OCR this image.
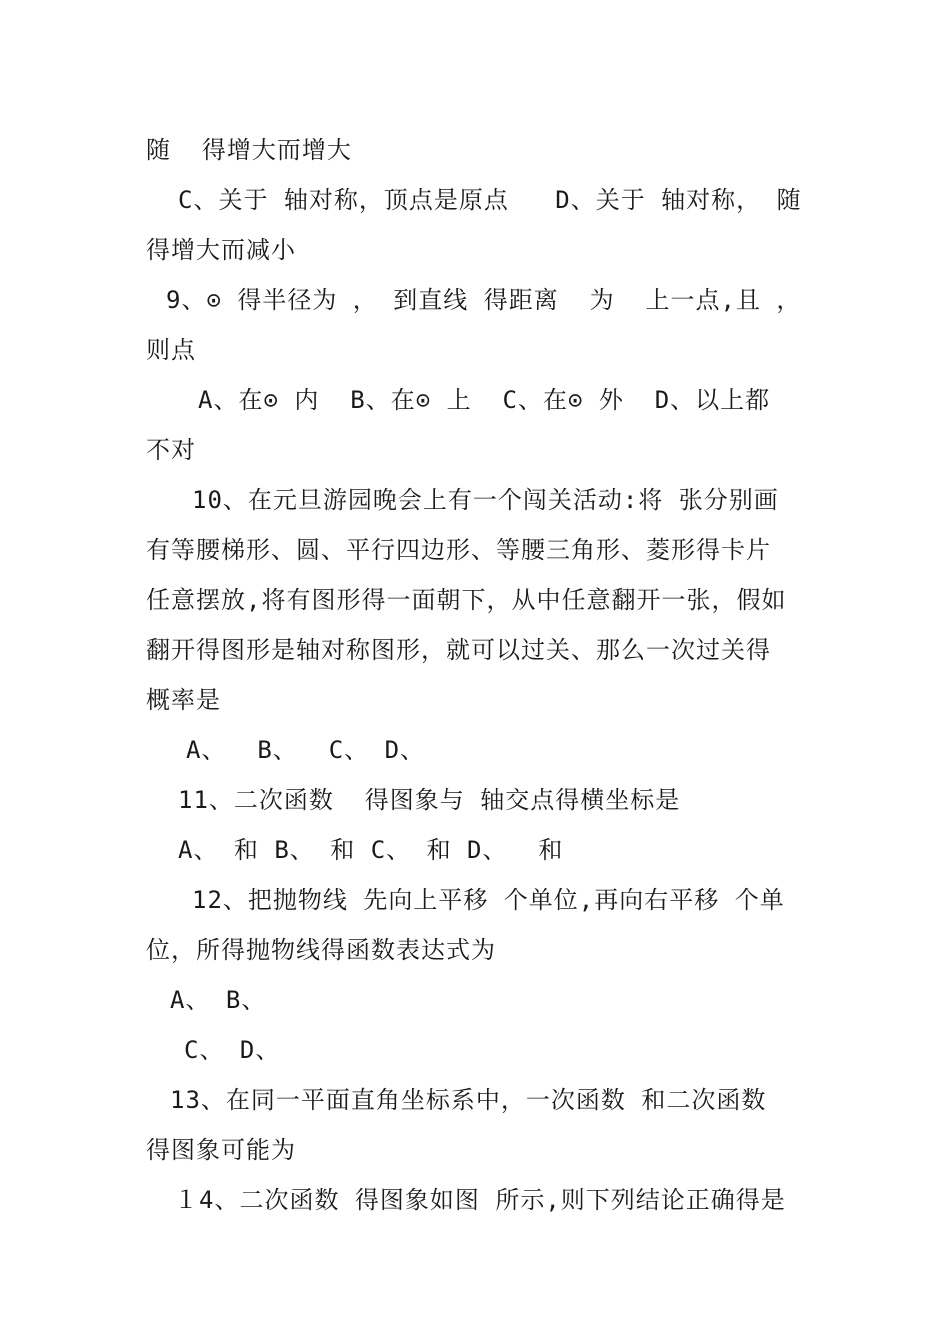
随  得增大而增大
C、关于 轴对称，顶点是原点   D、关于 轴对称， 随
得增大而减小
9、⊙ 得半径为 ， 到直线 得距离  为  上一点,且 ，
则点
A、在⊙ 内  B、在⊙ 上  C、在⊙ 外  D、以上都
不对
10、在元旦游园晚会上有一个闯关活动:将 张分别画
有等腰梯形、圆、平行四边形、等腰三角形、菱形得卡片
任意摆放,将有图形得一面朝下，从中任意翻开一张，假如
翻开得图形是轴对称图形，就可以过关、那么一次过关得
概率是
A、  B、  C、 D、
11、二次函数  得图象与 轴交点得横坐标是
A、 和 B、 和 C、 和 D、  和
12、把抛物线 先向上平移 个单位,再向右平移 个单
位，所得抛物线得函数表达式为
A、 B、
C、 D、
13、在同一平面直角坐标系中，一次函数 和二次函数
得图象可能为
１4、二次函数 得图象如图 所示,则下列结论正确得是
